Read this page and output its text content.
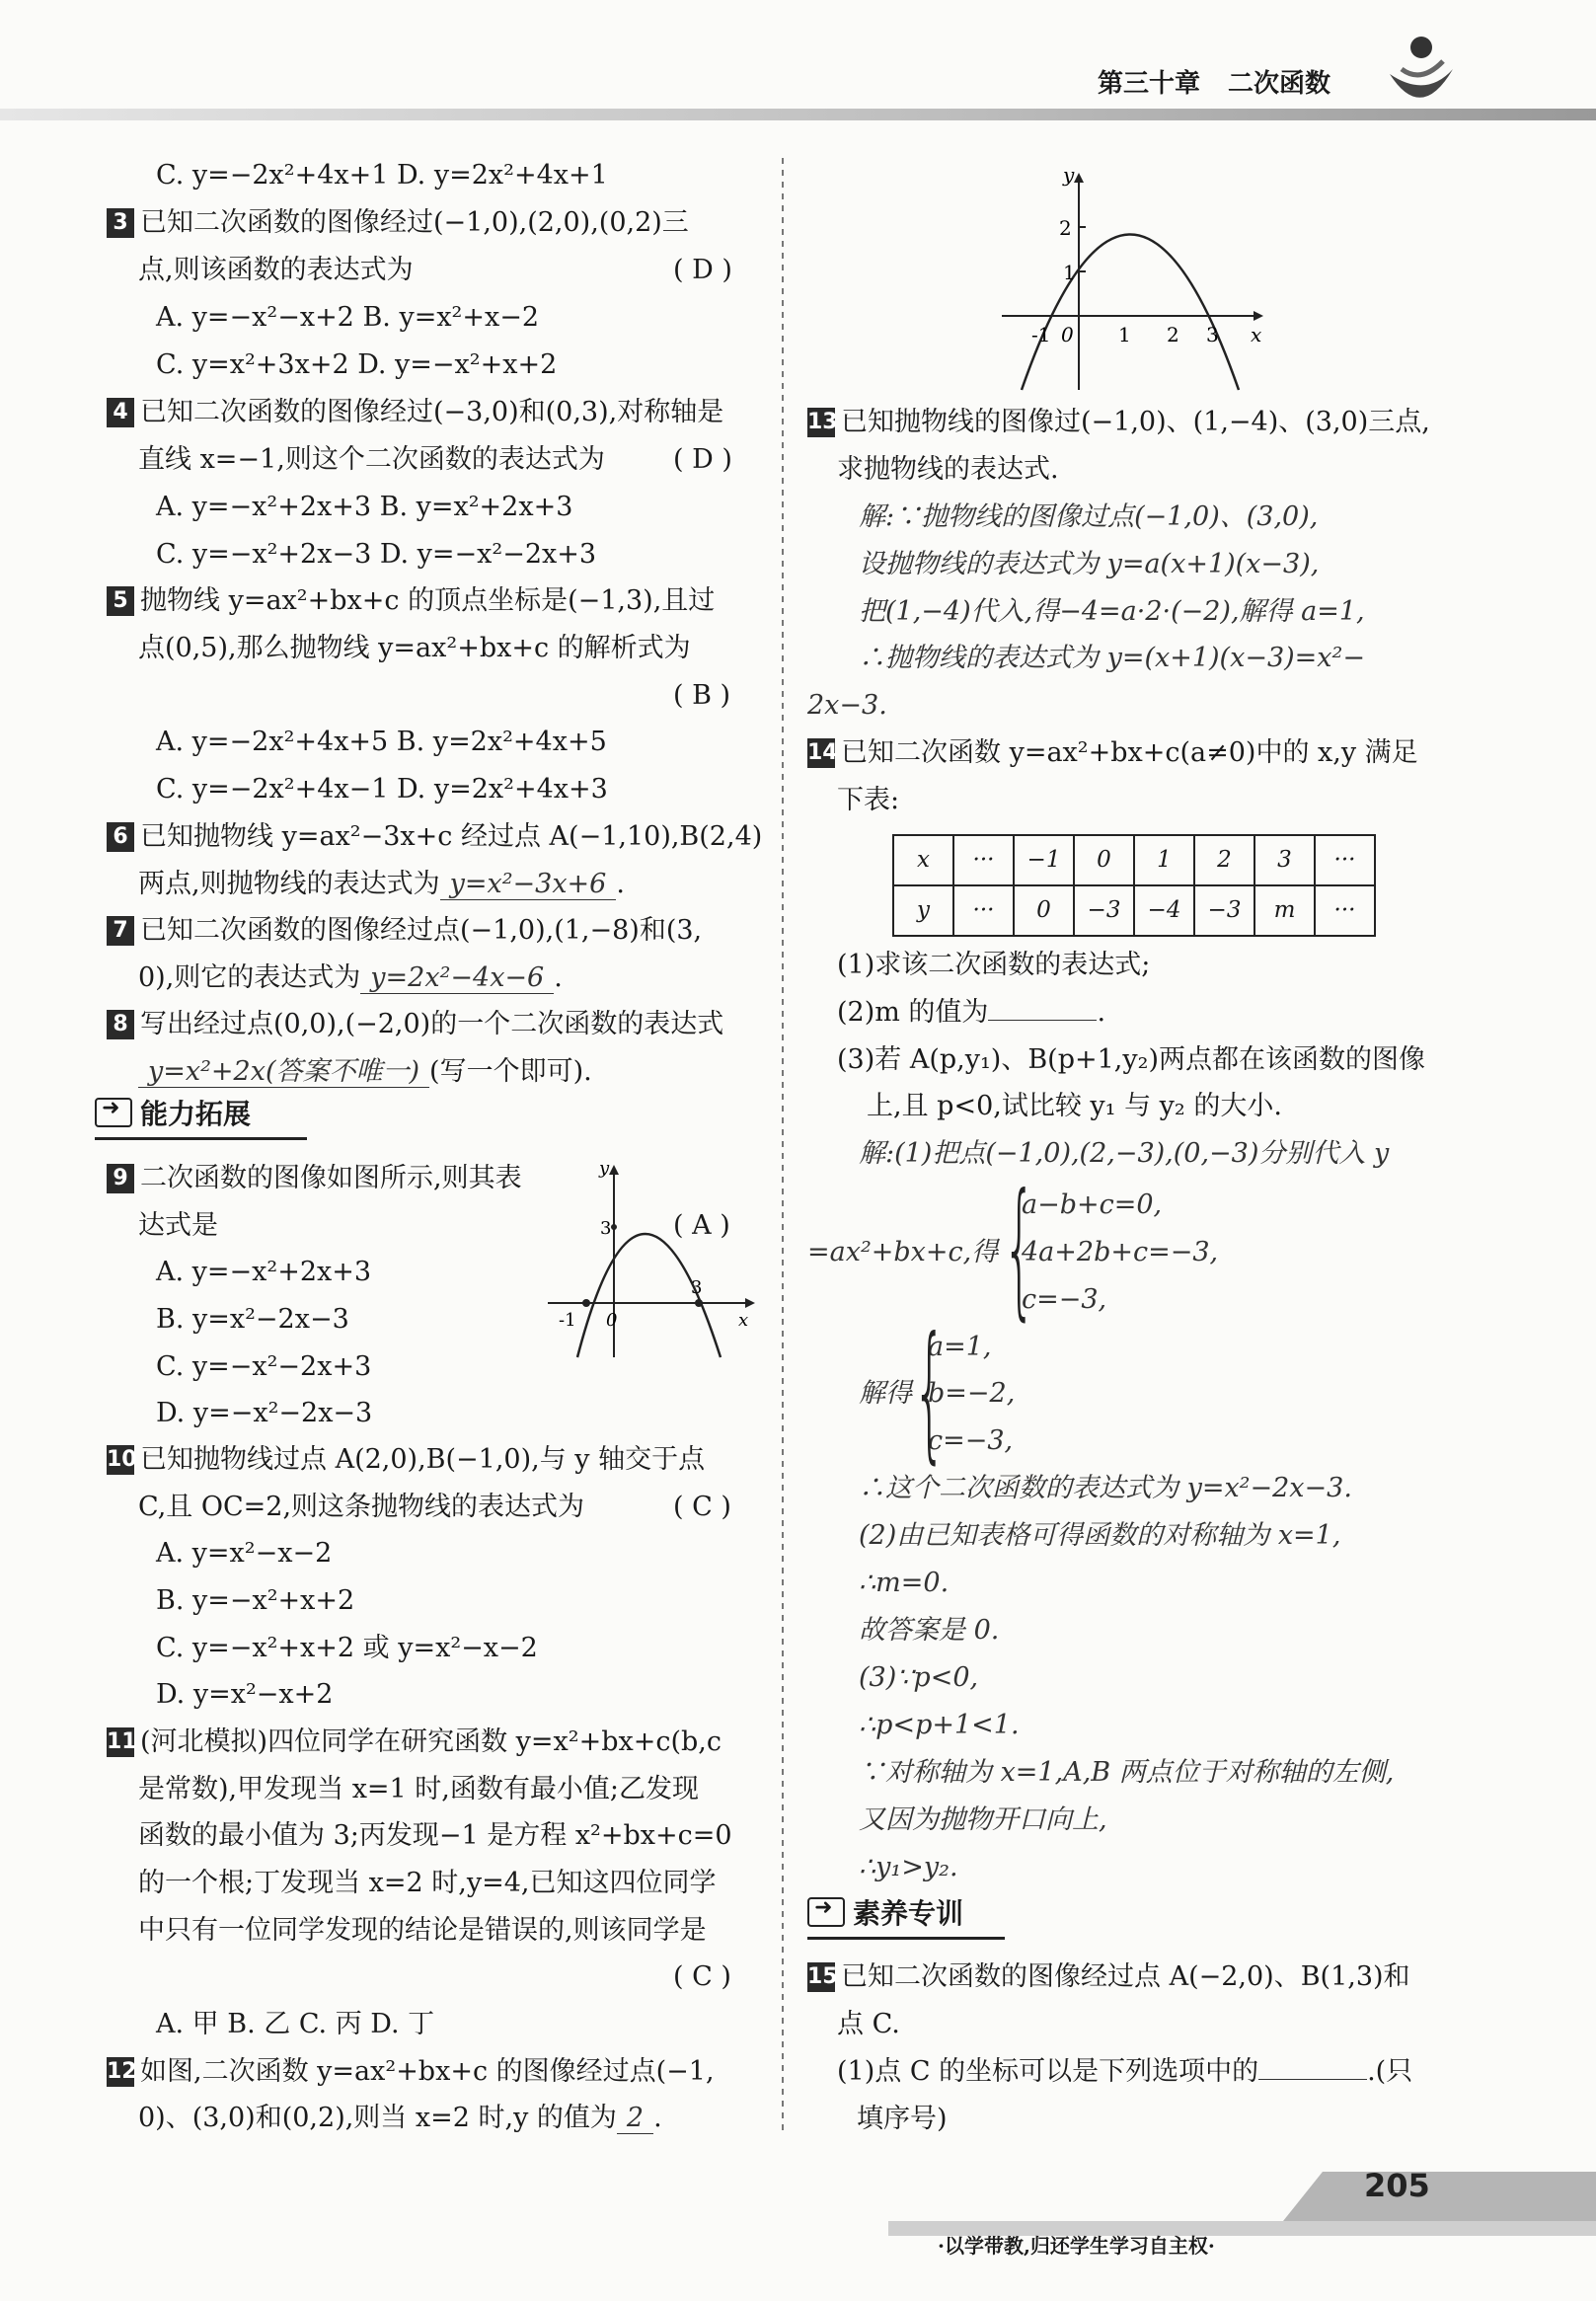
第三十章 二次函数
C. y=−2x²+4x+1 D. y=2x²+4x+1
3 已知二次函数的图像经过(−1,0),(2,0),(0,2)三
点,则该函数的表达式为	( D )
A. y=−x²−x+2 B. y=x²+x−2
C. y=x²+3x+2 D. y=−x²+x+2
4 已知二次函数的图像经过(−3,0)和(0,3),对称轴是
直线 x=−1,则这个二次函数的表达式为	( D )
A. y=−x²+2x+3 B. y=x²+2x+3
C. y=−x²+2x−3 D. y=−x²−2x+3
5 抛物线 y=ax²+bx+c 的顶点坐标是(−1,3),且过
点(0,5),那么抛物线 y=ax²+bx+c 的解析式为
( B )
A. y=−2x²+4x+5 B. y=2x²+4x+5
C. y=−2x²+4x−1 D. y=2x²+4x+3
6 已知抛物线 y=ax²−3x+c 经过点 A(−1,10),B(2,4)
两点,则抛物线的表达式为 y=x²−3x+6 .
7 已知二次函数的图像经过点(−1,0),(1,−8)和(3,
0),则它的表达式为 y=2x²−4x−6 .
8 写出经过点(0,0),(−2,0)的一个二次函数的表达式
y=x²+2x(答案不唯一) (写一个即可).
9 二次函数的图像如图所示,则其表
达式是	( A )
A. y=−x²+2x+3
B. y=x²−2x−3
C. y=−x²−2x+3
D. y=−x²−2x−3
10 已知抛物线过点 A(2,0),B(−1,0),与 y 轴交于点
C,且 OC=2,则这条抛物线的表达式为	( C )
A. y=x²−x−2
B. y=−x²+x+2
C. y=−x²+x+2 或 y=x²−x−2
D. y=x²−x+2
11 (河北模拟)四位同学在研究函数 y=x²+bx+c(b,c
是常数),甲发现当 x=1 时,函数有最小值;乙发现
函数的最小值为 3;丙发现−1 是方程 x²+bx+c=0
的一个根;丁发现当 x=2 时,y=4,已知这四位同学
中只有一位同学发现的结论是错误的,则该同学是
( C )
A. 甲 B. 乙 C. 丙 D. 丁
12 如图,二次函数 y=ax²+bx+c 的图像经过点(−1,
0)、(3,0)和(0,2),则当 x=2 时,y 的值为 2 .
➜能力拓展
➜素养专训
13 已知抛物线的图像过(−1,0)、(1,−4)、(3,0)三点,
求抛物线的表达式.
解:∵抛物线的图像过点(−1,0)、(3,0),
设抛物线的表达式为 y=a(x+1)(x−3),
把(1,−4)代入,得−4=a·2·(−2),解得 a=1,
∴抛物线的表达式为 y=(x+1)(x−3)=x²−
2x−3.
14 已知二次函数 y=ax²+bx+c(a≠0)中的 x,y 满足
下表:
(1)求该二次函数的表达式;
(2)m 的值为	.
(3)若 A(p,y₁)、B(p+1,y₂)两点都在该函数的图像
上,且 p<0,试比较 y₁ 与 y₂ 的大小.
解:(1)把点(−1,0),(2,−3),(0,−3)分别代入 y
=ax²+bx+c,得
a−b+c=0,
4a+2b+c=−3,
c=−3,
解得
a=1,
b=−2,
c=−3,
∴这个二次函数的表达式为 y=x²−2x−3.
(2)由已知表格可得函数的对称轴为 x=1,
∴m=0.
故答案是 0.
(3)∵p<0,
∴p<p+1<1.
∵对称轴为 x=1,A,B 两点位于对称轴的左侧,
又因为抛物开口向上,
∴y₁>y₂.
15 已知二次函数的图像经过点 A(−2,0)、B(1,3)和
点 C.
(1)点 C 的坐标可以是下列选项中的	.(只
填序号)
y
x
2
1
-1 0 1 2 3
y
x
3
-1 0
3
x	···	−1	0	1	2	3	···
y	···	0	−3	−4	−3	m	···
{
{
205
·以学带教,归还学生学习自主权·
